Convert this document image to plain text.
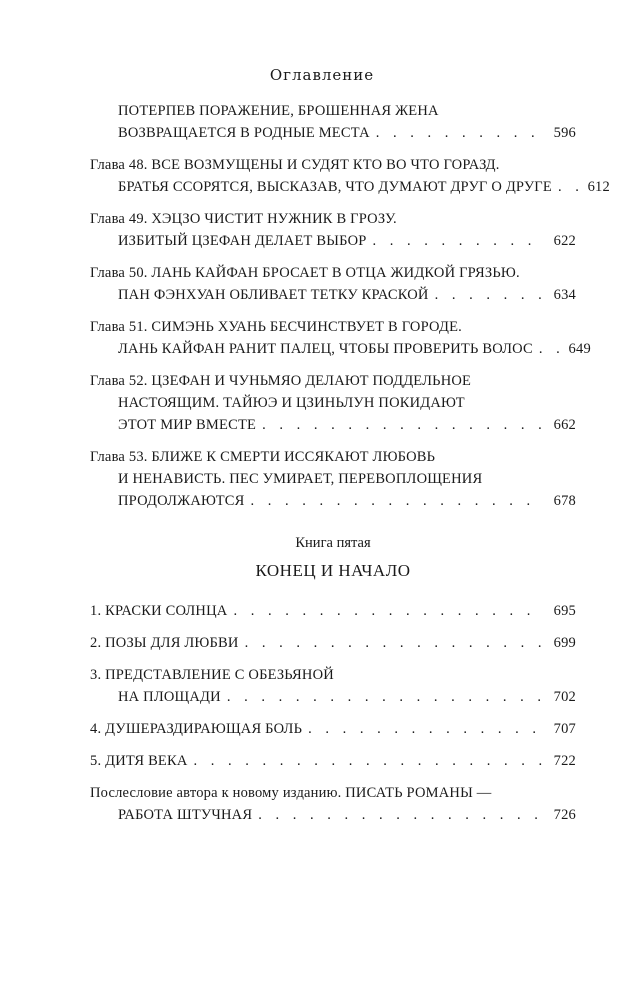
Оглавление
ПОТЕРПЕВ ПОРАЖЕНИЕ, БРОШЕННАЯ ЖЕНА
ВОЗВРАЩАЕТСЯ В РОДНЫЕ МЕСТА . . .	596
Глава 48. ВСЕ ВОЗМУЩЕНЫ И СУДЯТ КТО ВО ЧТО ГОРАЗД.
БРАТЬЯ ССОРЯТСЯ, ВЫСКАЗАВ, ЧТО ДУМАЮТ ДРУГ О ДРУГЕ . . . 612
Глава 49. ХЭЦЗО ЧИСТИТ НУЖНИК В ГРОЗУ.
ИЗБИТЫЙ ЦЗЕФАН ДЕЛАЕТ ВЫБОР . . .	622
Глава 50. ЛАНЬ КАЙФАН БРОСАЕТ В ОТЦА ЖИДКОЙ ГРЯЗЬЮ.
ПАН ФЭНХУАН ОБЛИВАЕТ ТЕТКУ КРАСКОЙ . . .	634
Глава 51. СИМЭНЬ ХУАНЬ БЕСЧИНСТВУЕТ В ГОРОДЕ.
ЛАНЬ КАЙФАН РАНИТ ПАЛЕЦ, ЧТОБЫ ПРОВЕРИТЬ ВОЛОС . . . 649
Глава 52. ЦЗЕФАН И ЧУНЬМЯО ДЕЛАЮТ ПОДДЕЛЬНОЕ
НАСТОЯЩИМ. ТАЙЮЭ И ЦЗИНЬЛУН ПОКИДАЮТ
ЭТОТ МИР ВМЕСТЕ . . .	662
Глава 53. БЛИЖЕ К СМЕРТИ ИССЯКАЮТ ЛЮБОВЬ
И НЕНАВИСТЬ. ПЕС УМИРАЕТ, ПЕРЕВОПЛОЩЕНИЯ
ПРОДОЛЖАЮТСЯ . . .	678
Книга пятая
КОНЕЦ И НАЧАЛО
1. КРАСКИ СОЛНЦА . . .	695
2. ПОЗЫ ДЛЯ ЛЮБВИ . . .	699
3. ПРЕДСТАВЛЕНИЕ С ОБЕЗЬЯНОЙ
НА ПЛОЩАДИ . . .	702
4. ДУШЕРАЗДИРАЮЩАЯ БОЛЬ . . .	707
5. ДИТЯ ВЕКА . . .	722
Послесловие автора к новому изданию. ПИСАТЬ РОМАНЫ —
РАБОТА ШТУЧНАЯ . . .	726
